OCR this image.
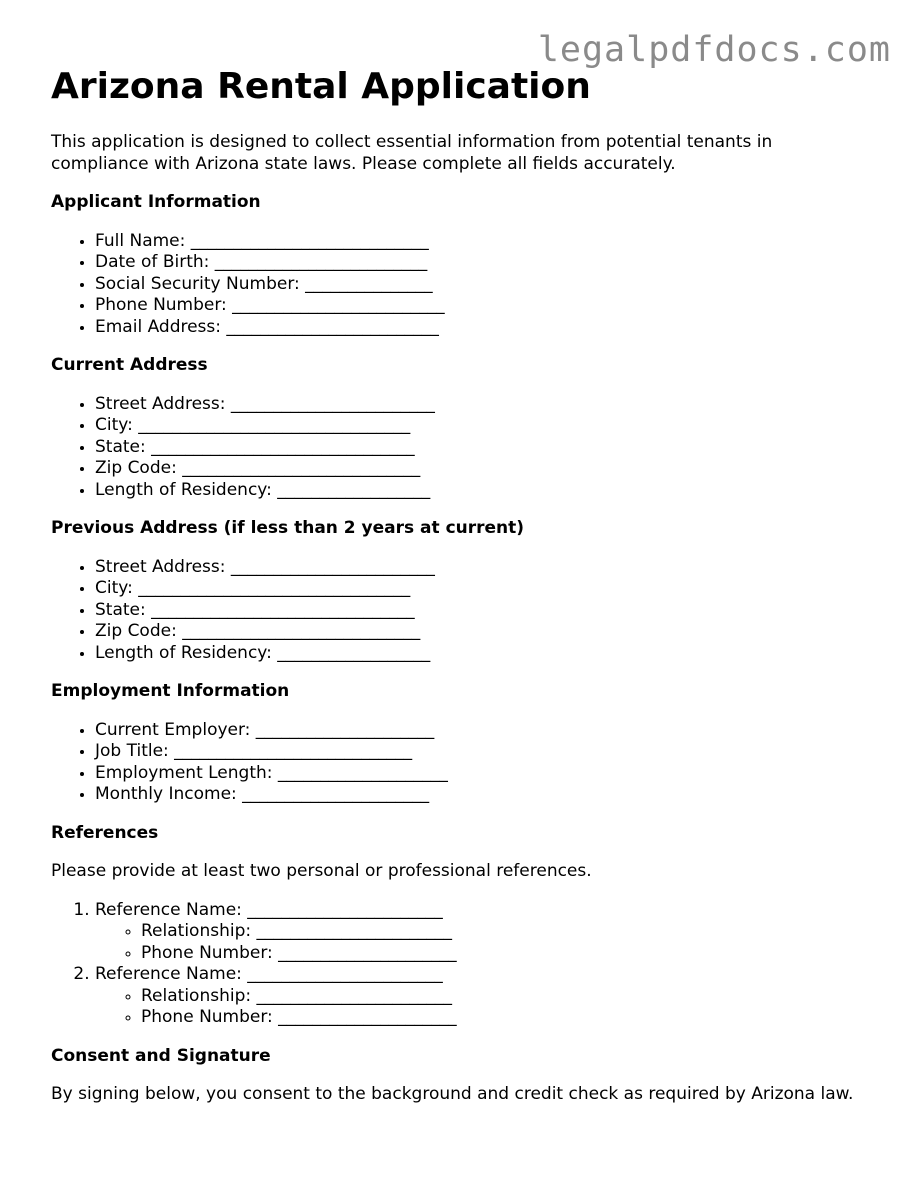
legalpdfdocs.com
Arizona Rental Application

This application is designed to collect essential information from potential tenants in compliance with Arizona state laws. Please complete all fields accurately.

Applicant Information
• Full Name: ____________________________
• Date of Birth: _________________________
• Social Security Number: _______________
• Phone Number: _________________________
• Email Address: _________________________
Current Address
• Street Address: ________________________
• City: ________________________________
• State: _______________________________
• Zip Code: ____________________________
• Length of Residency: __________________
Previous Address (if less than 2 years at current)
• Street Address: ________________________
• City: ________________________________
• State: _______________________________
• Zip Code: ____________________________
• Length of Residency: __________________
Employment Information
• Current Employer: _____________________
• Job Title: ____________________________
• Employment Length: ____________________
• Monthly Income: ______________________
References

Please provide at least two personal or professional references.

1. Reference Name: _______________________
◦ Relationship: _______________________
◦ Phone Number: _____________________
2. Reference Name: _______________________
◦ Relationship: _______________________
◦ Phone Number: _____________________
Consent and Signature

By signing below, you consent to the background and credit check as required by Arizona law.
